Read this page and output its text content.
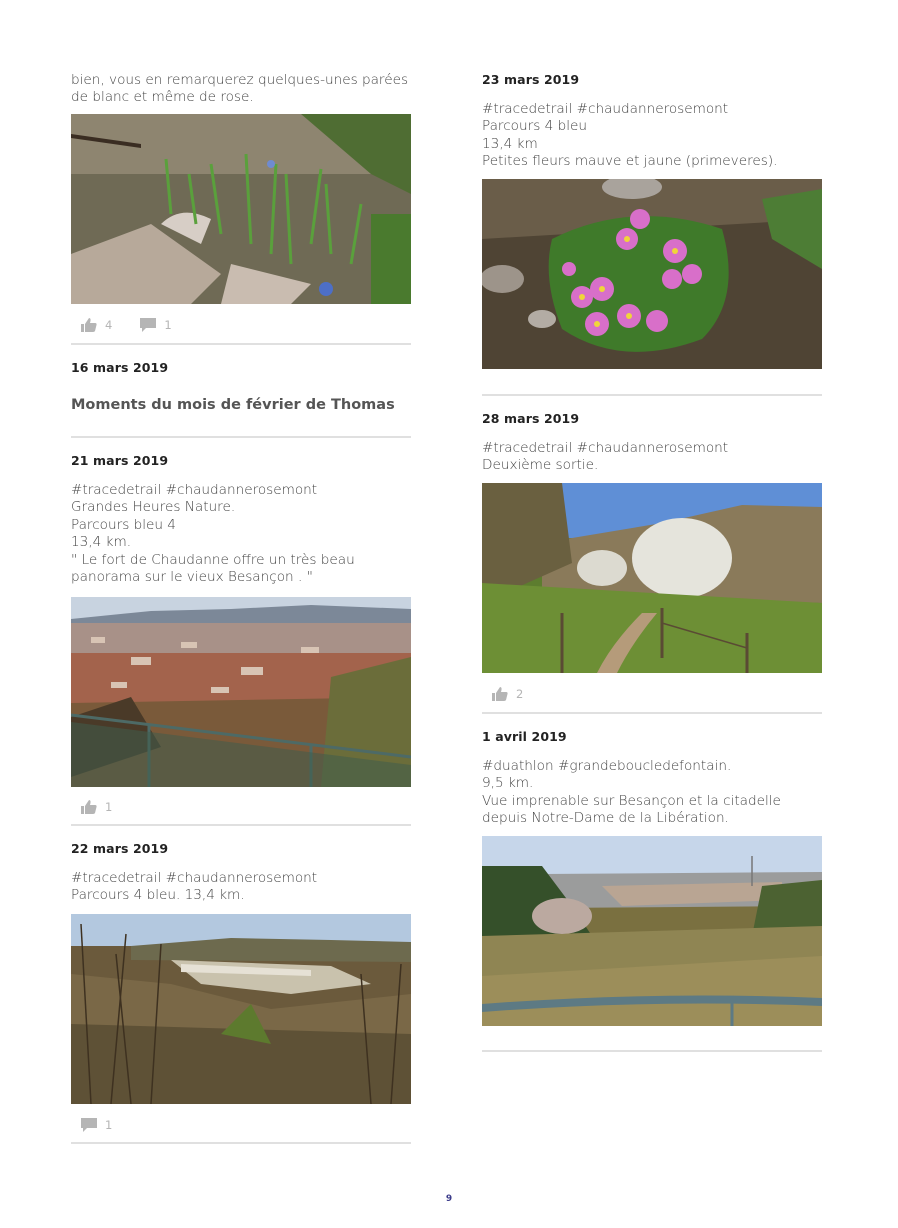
bien, vous en remarquerez quelques-unes parées
de blanc et même de rose.
4	1
16 mars 2019
Moments du mois de février de Thomas
21 mars 2019
#tracedetrail #chaudannerosemont
Grandes Heures Nature.
Parcours bleu 4
13,4 km.
" Le fort de Chaudanne offre un très beau
panorama sur le vieux Besançon . "
1
22 mars 2019
#tracedetrail #chaudannerosemont
Parcours 4 bleu. 13,4 km.
1
23 mars 2019
#tracedetrail #chaudannerosemont
Parcours 4 bleu
13,4 km
Petites fleurs mauve et jaune (primeveres).
28 mars 2019
#tracedetrail #chaudannerosemont
Deuxième sortie.
2
1 avril 2019
#duathlon #grandeboucledefontain.
9,5 km.
Vue imprenable sur Besançon et la citadelle
depuis Notre-Dame de la Libération.
9
